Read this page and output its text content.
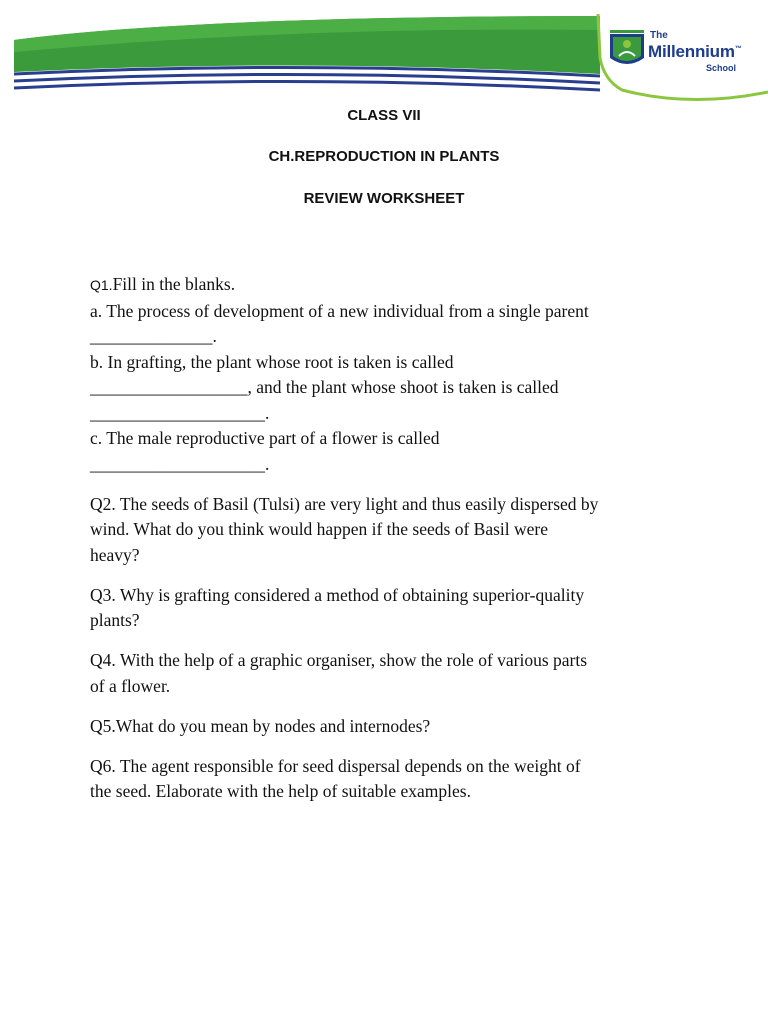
The
Millennium™
School
CLASS VII
CH.REPRODUCTION IN PLANTS
REVIEW WORKSHEET

Q1.Fill in the blanks.

a. The process of development of a new individual from a single parent

______________.

b. In grafting, the plant whose root is taken is called

__________________, and the plant whose shoot is taken is called

____________________.

c. The male reproductive part of a flower is called

____________________.

Q2. The seeds of Basil (Tulsi) are very light and thus easily dispersed by

wind. What do you think would happen if the seeds of Basil were

heavy?

Q3. Why is grafting considered a method of obtaining superior-quality

plants?

Q4. With the help of a graphic organiser, show the role of various parts

of a flower.

Q5.What do you mean by nodes and internodes?

Q6. The agent responsible for seed dispersal depends on the weight of

the seed. Elaborate with the help of suitable examples.
